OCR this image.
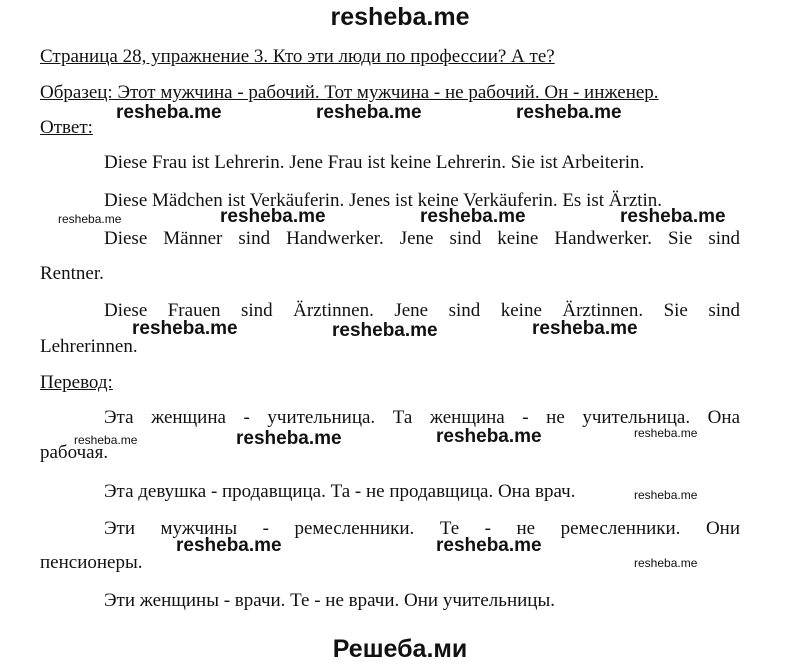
resheba.me
Страница 28, упражнение 3. Кто эти люди по профессии? А те?
Образец: Этот мужчина - рабочий. Тот мужчина - не рабочий. Он - инженер.
Ответ:
Diese Frau ist Lehrerin. Jene Frau ist keine Lehrerin. Sie ist Arbeiterin.
Diese Mädchen ist Verkäuferin. Jenes ist keine Verkäuferin. Es ist Ärztin.
Diese Männer sind Handwerker. Jene sind keine Handwerker. Sie sind
Rentner.
Diese Frauen sind Ärztinnen. Jene sind keine Ärztinnen. Sie sind
Lehrerinnen.
Перевод:
Эта женщина - учительница. Та женщина - не учительница. Она
рабочая.
Эта девушка - продавщица. Та - не продавщица. Она врач.
Эти мужчины - ремесленники. Те - не ремесленники. Они
пенсионеры.
Эти женщины - врачи. Те - не врачи. Они учительницы.
resheba.me	resheba.me	resheba.me
resheba.me	resheba.me	resheba.me
resheba.me	resheba.me	resheba.me
resheba.me	resheba.me
resheba.me	resheba.me
resheba.me
resheba.me	resheba.me
resheba.me
resheba.me
Решеба.ми
